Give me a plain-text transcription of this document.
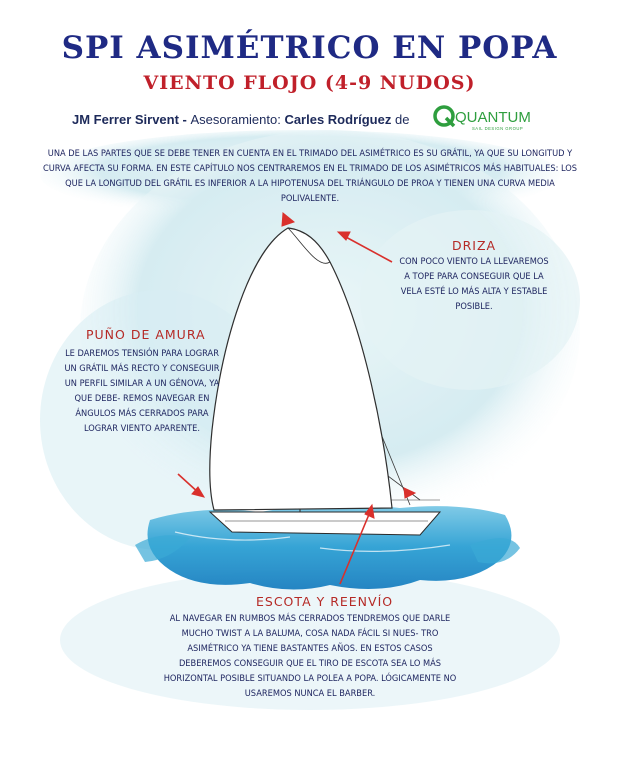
SPI ASIMÉTRICO EN POPA
VIENTO FLOJO (4-9 NUDOS)
JM Ferrer Sirvent - Asesoramiento: Carles Rodríguez de	QUANTUM
SAIL DESIGN GROUP
UNA DE LAS PARTES QUE SE DEBE TENER EN CUENTA EN EL TRIMADO DEL ASIMÉTRICO ES SU GRÁTIL, YA QUE SU LONGITUD Y CURVA AFECTA SU FORMA. EN ESTE CAPÍTULO NOS CENTRAREMOS EN EL TRIMADO DE LOS ASIMÉTRICOS MÁS HABITUALES: LOS QUE LA LONGITUD DEL GRÁTIL ES INFERIOR A LA HIPOTENUSA DEL TRIÁNGULO DE PROA Y TIENEN UNA CURVA MEDIA POLIVALENTE.
DRIZA
CON POCO VIENTO LA LLEVAREMOS A TOPE PARA CONSEGUIR QUE LA VELA ESTÉ LO MÁS ALTA Y ESTABLE POSIBLE.
PUÑO DE AMURA
LE DAREMOS TENSIÓN PARA LOGRAR UN GRÁTIL MÁS RECTO Y CONSEGUIR UN PERFIL SIMILAR A UN GÉNOVA, YA QUE DEBE- REMOS NAVEGAR EN ÁNGULOS MÁS CERRADOS PARA LOGRAR VIENTO APARENTE.
ESCOTA Y REENVÍO
AL NAVEGAR EN RUMBOS MÁS CERRADOS TENDREMOS QUE DARLE MUCHO TWIST A LA BALUMA, COSA NADA FÁCIL SI NUES- TRO ASIMÉTRICO YA TIENE BASTANTES AÑOS. EN ESTOS CASOS DEBEREMOS CONSEGUIR QUE EL TIRO DE ESCOTA SEA LO MÁS HORIZONTAL POSIBLE SITUANDO LA POLEA A POPA. LÓGICAMENTE NO USAREMOS NUNCA EL BARBER.
